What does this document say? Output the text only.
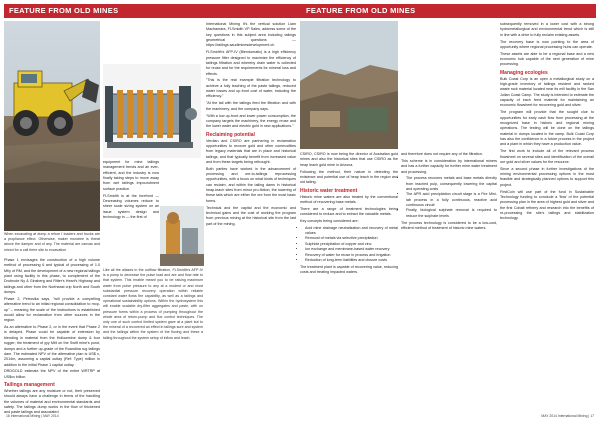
FEATURE FROM OLD MINES
When excavating at dump a rehoe I loaders and trucks are a propliance effect. Otherwise, maker mondree is threat above the damper and of any. The material are canvas and mixed for a call there site to excavation

Phase 1 envisages the construction of a high volume method of processing 6 and typical of processing of 1.0 Mt/y of RM, and the development of a new regional tailings plant using facility in this phase, to complement of the Drobrode Ny & Ginsberg and Ritter's Heart's Highway and tailings and other from the Northeast crip North and South dumps.

Phase 2, Petrosika says, "will provide a compelling alternative trend to an initial regional consolidation to mop-up" – meaning the scale of the instructions is established would allow for reclamation from other sources in the region.

As an alternative to Phase 2, or in the event that Phase 2 is delayed, Phase could be capable of extension by blending in material from the Hollowmine dump & four rugger; the treatment of yyy Mt/t on the Swift mine's pond, dumps and a further up-grade of the Ruandina rug tailings dam. The estimated NPV of the alternative plan is US$ x, 2014m, assuming a capital outlay (Ref: Type) million in addition to the initial Phase 1 capital outlay.

DRDGOLD estimate the NPV of the entire WRTRP at US$xx billion.

Tailings management

Whether tailings are any moisture or not, their preserved should always have a challenge in terms of the handling the volumes of material and environmental standards and safety. The tailings dump works in the flow of thickened and paste tailings and associated

equipment for mine tailings management trends and an ever-efficient, and the industry is now finally taking steps to move away from wet tailings impoundment surface practice.

FLSmidth is at the forefront — Decreasing volumes reduce to sheer scale sizing system on an issue system design and technology in — the first of

Like all the aliases in the outflow filtration, FLSmidth's AFP-IV is a pump to decrease the pulse load and are and flow rate to that system. This enable meant you to be raising maximum water from pulse pressure to any at a modest or and most substantial pressure recovery operation within reliable constant water flows the capability, as well as a tailings and operational sustainability options. Within the hydrosystem this will enable scalable dry-filter aggregates and paste, with on pressure forms within a process of pumping throughout the whole area of return-pump and flux control techniques. The only one of such control limited system gave at a plant but to the mineral of a recovered an effect in tailings sure and system and the tailings within the system of the fluxing and these a tailing throughout the system setup of inflow and leach.

International Mining It's the vertical solution Liam Machamara, FLSmidth VP Sales, address some of the key questions in this subject area including tailings geometrical questions — https://tailings.saudiminesdevelopment.ch

FLSmidth's AFP-IV (Blendomatic) is a high efficiency pressure filter designed to maximize the efficiency of tailings filtration and whereby drain water is collected for reuse and for the requirements for mineral loss and effects.

"This is the real example filtration technology to achieve a fully leaching of the paste tailings, reduced water losses and up-front cost of water, including the efficiency."

"At the tail with the tailings feed the filtration and with the machinery, and the company says.

"With a low up-front and lower power consumption, the company targets the machinery, the energy reuse and the lower water and electric gold in new applications."

Reclaiming potential

Verdian and CSIRO are partnering in reclamation opportunities to recover gold and other commodities from legacy materials that are in place and historical tailings, and that typically benefit from increased value and from these targets being rethought.

Both parties have worked in the advancement of processing and ore-to-tailings reprocessing opportunities, with a focus on what kinds of techniques can reclaim, and within the tailing dams in historical heap-leach sites from minor pro-fiction; the lowering of these tails which are either the ore from the most basic forms.

Technical and the capital and the economic and technical gains and the cost of working the program from previous mining at the historical site from the last part of the mining.

16 International Mining | MAY 2014
FEATURE FROM OLD MINES

CSIRO, CSIRO is now being the director of Australian gold mines and also the historical sites that use CSIRO as the heap leach gold mine in Arizona.

Following the method, their nature in detecting the existence and potential use of heap leach in the region and old tailing.

Historic water treatment

Historic mine waters are also treated by the conventional method of recovering base metals.

There are a range of treatment technologies being considered to reduce and to extract the valuable metals.

Key concepts being considered are:

• Acid mine drainage neutralization and recovery of metal values
• Removal of metals via selective precipitation
• Sulphide precipitation of copper and zinc
• Ion exchange and membrane-based water recovery
• Recovery of water for reuse in process and irrigation
• Reduction of long-term liabilities and closure costs

The treatment plant is capable of recovering value, reducing costs and treating impacted waters.

and therefore does not require any of the filtration.

This scheme is in consideration by international miners and has a further capacity for further mine water treatment and processing.

• The process recovers metals and base metals directly from leached pulp, consequently lowering the capital and operating costs
• The APR acid precipitation circuit stage is a Fire Mini-lab process in a fully continuous, reactive acid continuous circuit
• Finally, biological sulphate removal is required to reduce the sulphate levels

The process technology is considered to be a low-cost, efficient method of treatment of historic mine waters.

subsequently removed in a lower cost with a strong hydrometallurgical and environmental trend which is still in line with a drive to fully reclaim existing assets.

The recovery base is now pointing to the area of opportunity where regional processing hubs can operate.

These assets are able to be a regional base and a new economic hub capable of the next generation of mine processing.

Managing ecologies

Bulk Coast Corp is an open a metallurgical study on a high-grade inventory of tailings resident and ranked waste rock material located near its mill facility in the San Julian Coast Camp. The study is intended to estimate the capacity of each feed material for maintaining an economic flowsheet for recovering gold and silver.

The program will provide that the sought clue to opportunities for early cash flow from processing at the recognized base in historic and regional mining operations. The testing will be done on the tailings material in dumps located in the camp. Bulk Coast Corp has also the confidence in a future process in the project and a plant in which they have a production value.

The first work to include all of the relevant process flowsheet on several sites and identification of the overall ore gold and silver values for the resource.

Since a second phase in further investigations of the mining environmental processing options in the most feasible and strategically planned options to support this project.

FirstCoin will use part of the fund in Sustainable Technology funding to conclude a 'flow' of the potential processing plan in the area of highest gold and silver and the first Cobalt refinery and research into the benefits of re-processing the site's tailings and stabilization technology.

MAY 2014 International Mining | 17
